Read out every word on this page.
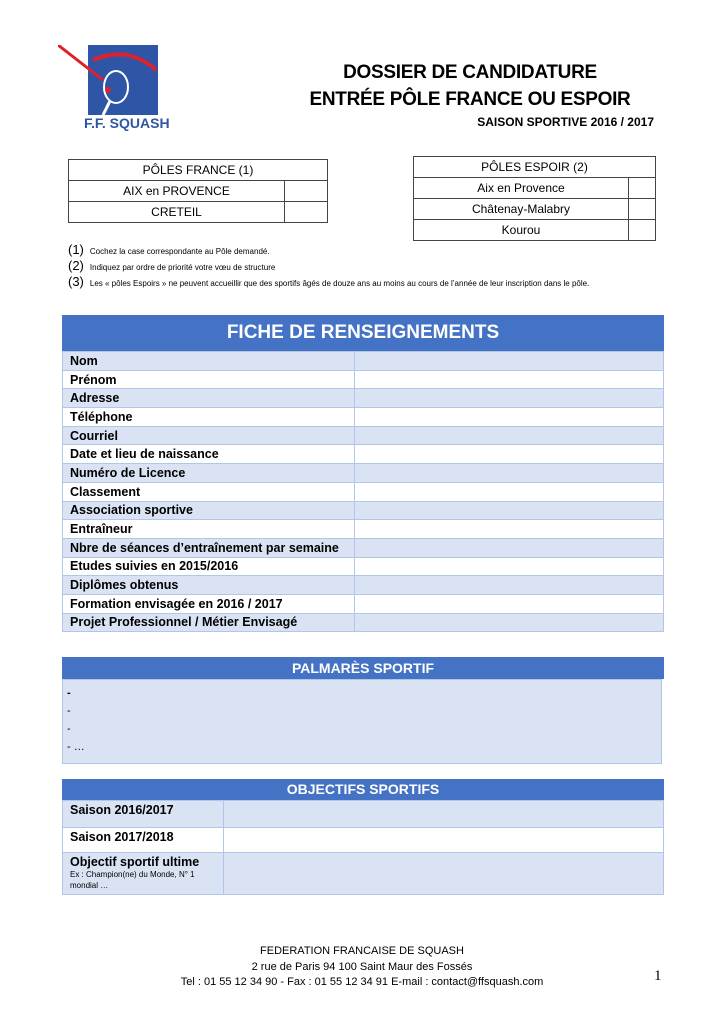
F.F. SQUASH
DOSSIER DE CANDIDATURE
ENTRÉE PÔLE FRANCE OU ESPOIR
SAISON SPORTIVE 2016 / 2017
PÔLES FRANCE (1)	
AIX en PROVENCE	
CRETEIL	
PÔLES ESPOIR (2)	
Aix en Provence	
Châtenay-Malabry	
Kourou	
(1) Cochez la case correspondante au Pôle demandé.
(2) Indiquez par ordre de priorité votre vœu de structure
(3) Les « pôles Espoirs » ne peuvent accueillir que des sportifs âgés de douze ans au moins au cours de l’année de leur inscription dans le pôle.
FICHE DE RENSEIGNEMENTS
Nom	
Prénom	
Adresse	
Téléphone	
Courriel	
Date et lieu de naissance	
Numéro de Licence	
Classement	
Association sportive	
Entraîneur	
Nbre de séances d’entraînement par semaine	
Etudes suivies en 2015/2016	
Diplômes obtenus	
Formation envisagée en 2016 / 2017	
Projet Professionnel / Métier Envisagé	
PALMARÈS SPORTIF
-
-
-
- …
OBJECTIFS SPORTIFS
Saison 2016/2017	
Saison 2017/2018	

Objectif sportif ultime
Ex : Champion(ne) du Monde, N° 1 mondial …	

FEDERATION FRANCAISE DE SQUASH
2 rue de Paris 94 100 Saint Maur des Fossés
Tel : 01 55 12 34 90 - Fax : 01 55 12 34 91 E-mail : contact@ffsquash.com	1
